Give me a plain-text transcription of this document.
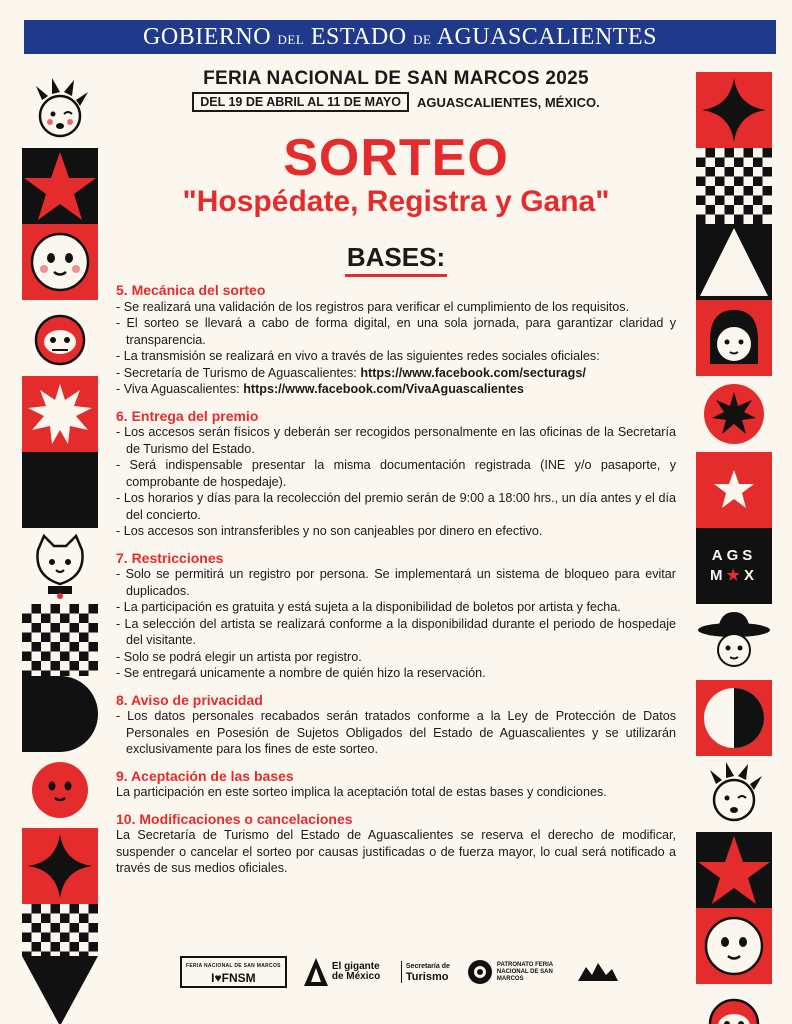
GOBIERNO DEL ESTADO DE AGUASCALIENTES
FERIA NACIONAL DE SAN MARCOS 2025
DEL 19 DE ABRIL AL 11 DE MAYO	AGUASCALIENTES, MÉXICO.
SORTEO
"Hospédate, Registra y Gana"
BASES:
5. Mecánica del sorteo
- Se realizará una validación de los registros para verificar el cumplimiento de los requisitos.
- El sorteo se llevará a cabo de forma digital, en una sola jornada, para garantizar claridad y transparencia.
- La transmisión se realizará en vivo a través de las siguientes redes sociales oficiales:
- Secretaría de Turismo de Aguascalientes: https://www.facebook.com/secturags/
- Viva Aguascalientes: https://www.facebook.com/VivaAguascalientes
6. Entrega del premio
- Los accesos serán físicos y deberán ser recogidos personalmente en las oficinas de la Secretaría de Turismo del Estado.
- Será indispensable presentar la misma documentación registrada (INE y/o pasaporte, y comprobante de hospedaje).
- Los horarios y días para la recolección del premio serán de 9:00 a 18:00 hrs., un día antes y el día del concierto.
- Los accesos son intransferibles y no son canjeables por dinero en efectivo.
7. Restricciones
- Solo se permitirá un registro por persona. Se implementará un sistema de bloqueo para evitar duplicados.
- La participación es gratuita y está sujeta a la disponibilidad de boletos por artista y fecha.
- La selección del artista se realizará conforme a la disponibilidad durante el periodo de hospedaje del visitante.
- Solo se podrá elegir un artista por registro.
- Se entregará unicamente a nombre de quién hizo la reservación.
8. Aviso de privacidad
- Los datos personales recabados serán tratados conforme a la Ley de Protección de Datos Personales en Posesión de Sujetos Obligados del Estado de Aguascalientes y se utilizarán exclusivamente para los fines de este sorteo.
9. Aceptación de las bases
La participación en este sorteo implica la aceptación total de estas bases y condiciones.
10. Modificaciones o cancelaciones
La Secretaría de Turismo del Estado de Aguascalientes se reserva el derecho de modificar, suspender o cancelar el sorteo por causas justificadas o de fuerza mayor, lo cual será notificado a través de sus medios oficiales.
AGS
M★X
FERIA NACIONAL DE SAN MARCOS
I♥FNSM
El gigante de México
Secretaría de
Turismo
PATRONATO FERIA NACIONAL DE SAN MARCOS
